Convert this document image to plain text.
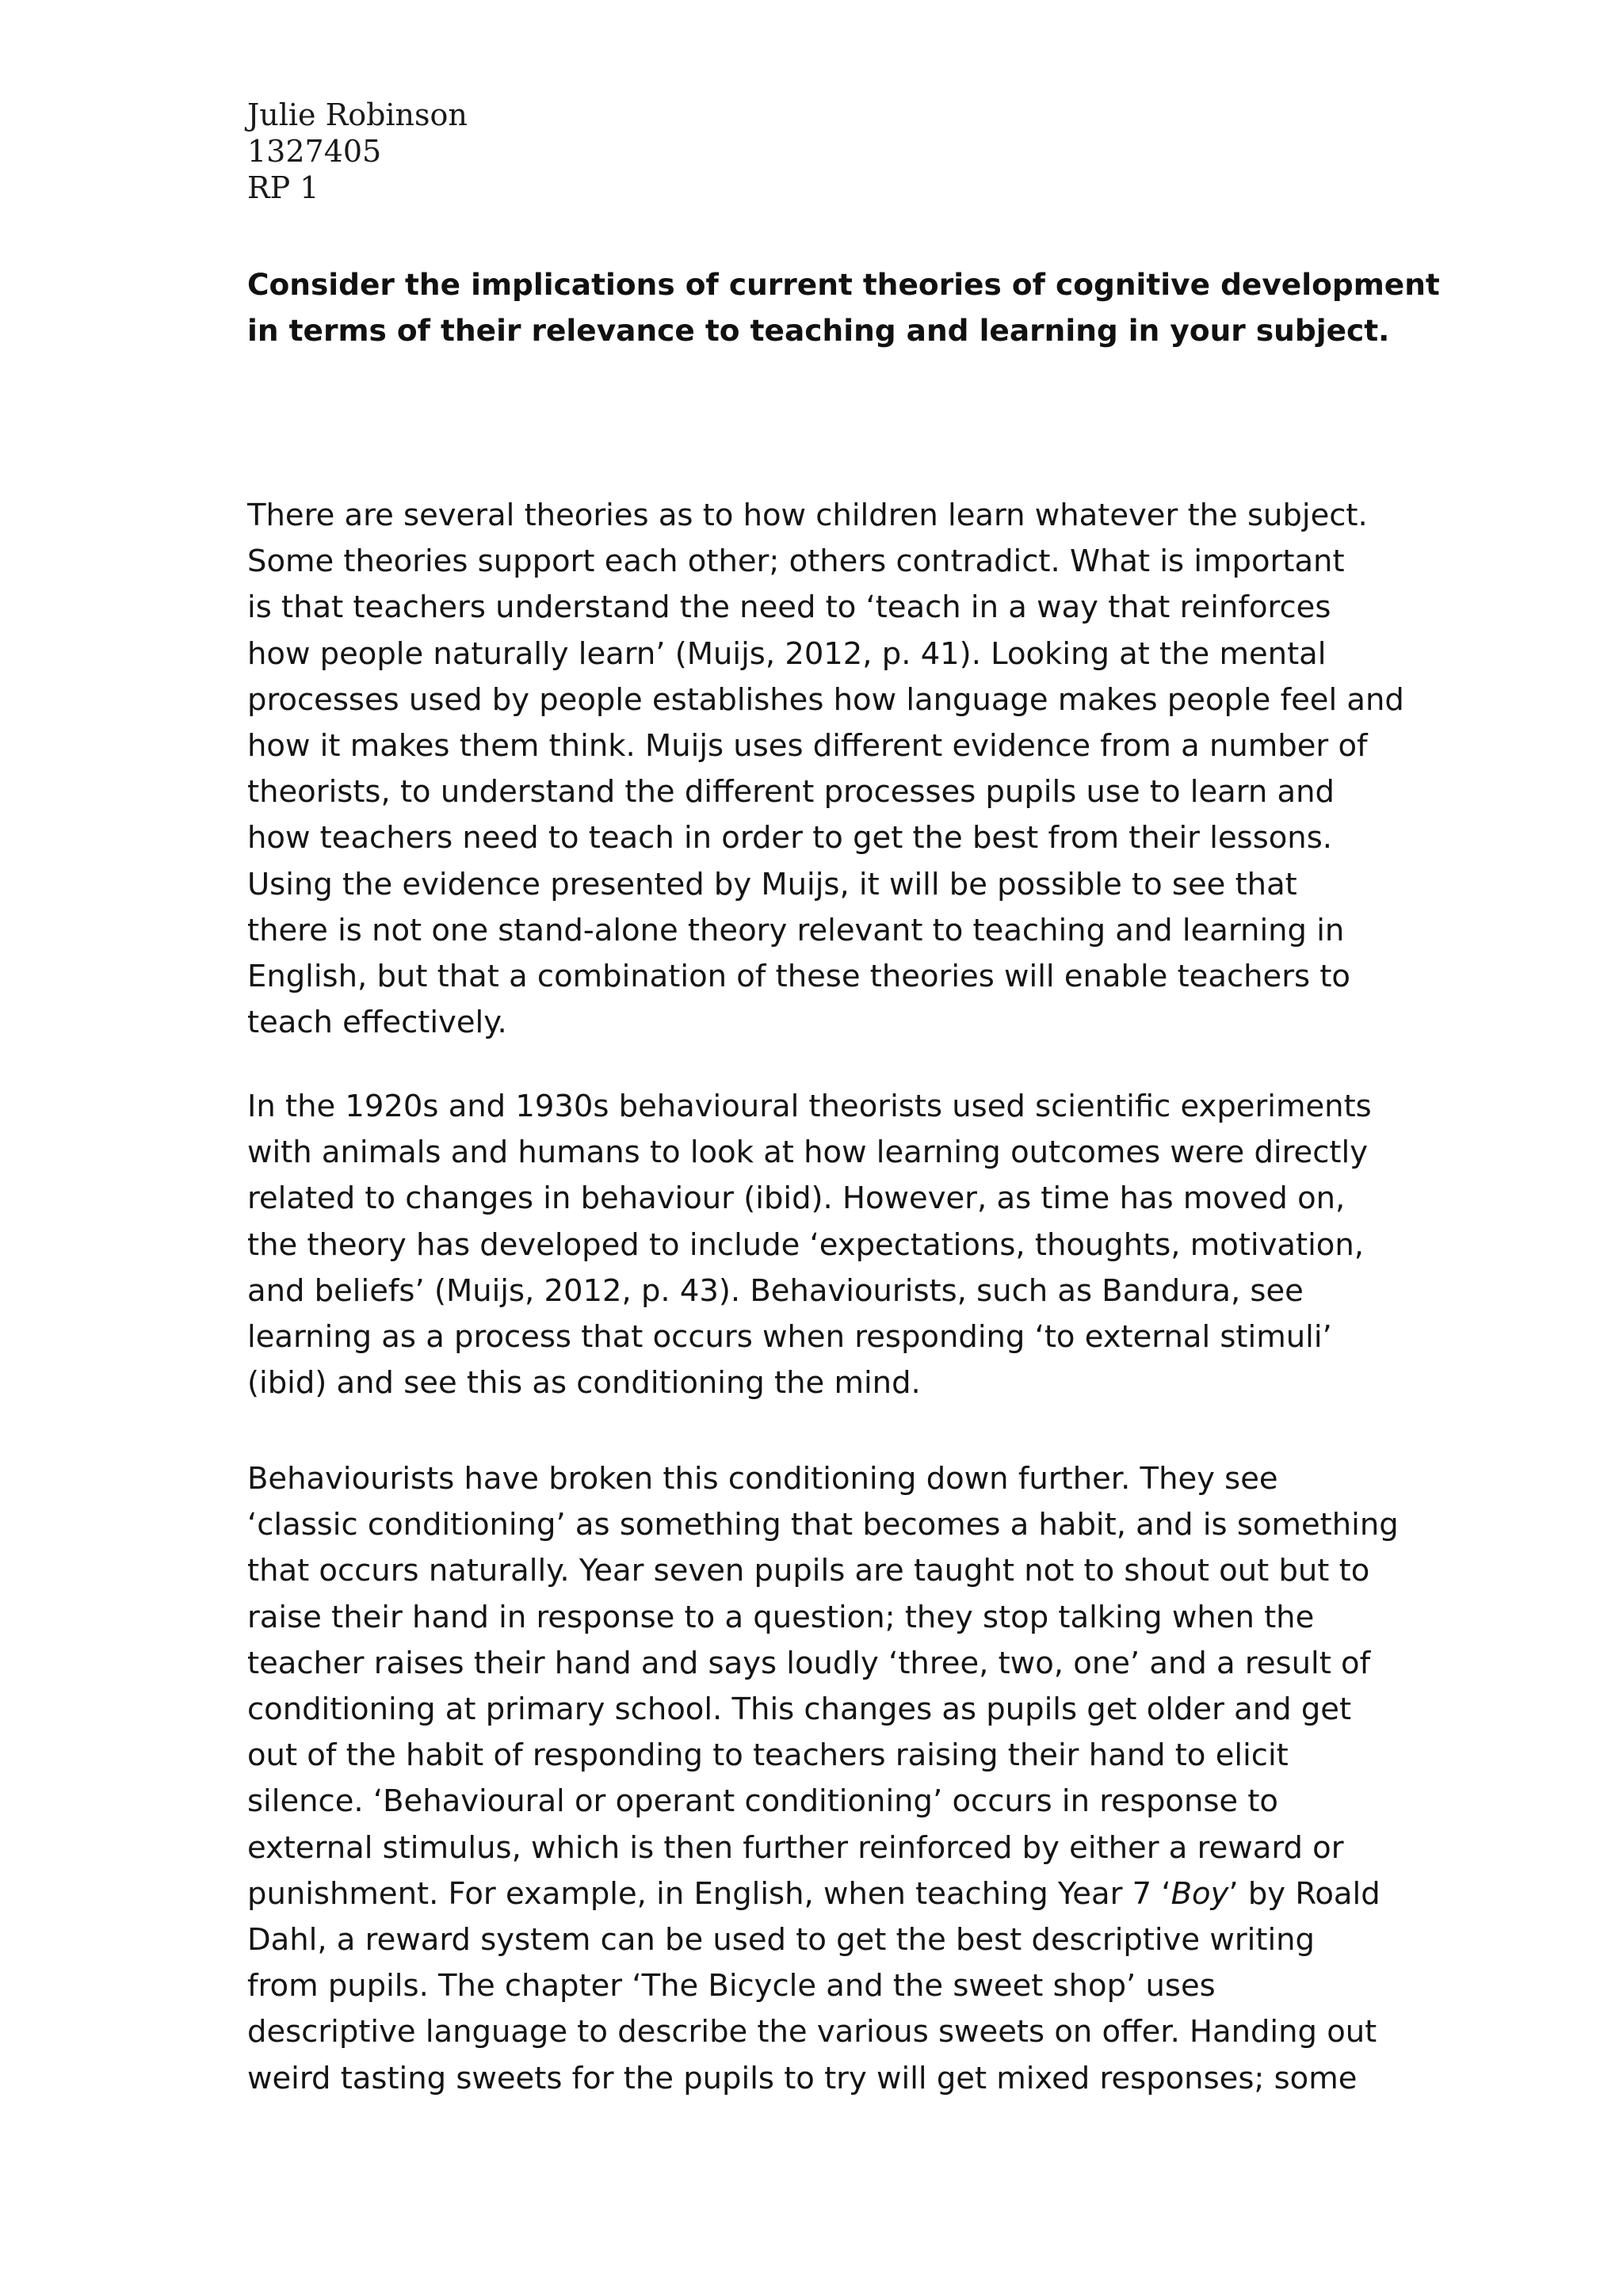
Julie Robinson
1327405
RP 1
Consider the implications of current theories of cognitive development
in terms of their relevance to teaching and learning in your subject.
There are several theories as to how children learn whatever the subject.
Some theories support each other; others contradict. What is important
is that teachers understand the need to ‘teach in a way that reinforces
how people naturally learn’ (Muijs, 2012, p. 41). Looking at the mental
processes used by people establishes how language makes people feel and
how it makes them think. Muijs uses different evidence from a number of
theorists, to understand the different processes pupils use to learn and
how teachers need to teach in order to get the best from their lessons.
Using the evidence presented by Muijs, it will be possible to see that
there is not one stand-alone theory relevant to teaching and learning in
English, but that a combination of these theories will enable teachers to
teach effectively.
In the 1920s and 1930s behavioural theorists used scientific experiments
with animals and humans to look at how learning outcomes were directly
related to changes in behaviour (ibid). However, as time has moved on,
the theory has developed to include ‘expectations, thoughts, motivation,
and beliefs’ (Muijs, 2012, p. 43). Behaviourists, such as Bandura, see
learning as a process that occurs when responding ‘to external stimuli’
(ibid) and see this as conditioning the mind.
Behaviourists have broken this conditioning down further. They see
‘classic conditioning’ as something that becomes a habit, and is something
that occurs naturally. Year seven pupils are taught not to shout out but to
raise their hand in response to a question; they stop talking when the
teacher raises their hand and says loudly ‘three, two, one’ and a result of
conditioning at primary school. This changes as pupils get older and get
out of the habit of responding to teachers raising their hand to elicit
silence. ‘Behavioural or operant conditioning’ occurs in response to
external stimulus, which is then further reinforced by either a reward or
punishment. For example, in English, when teaching Year 7 ‘Boy’ by Roald
Dahl, a reward system can be used to get the best descriptive writing
from pupils. The chapter ‘The Bicycle and the sweet shop’ uses
descriptive language to describe the various sweets on offer. Handing out
weird tasting sweets for the pupils to try will get mixed responses; some
